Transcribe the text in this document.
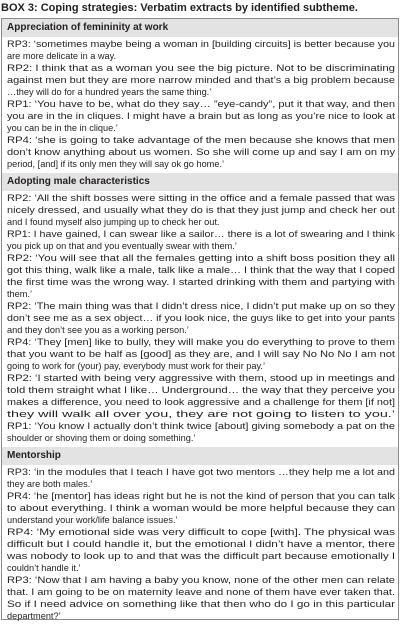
BOX 3: Coping strategies: Verbatim extracts by identified subtheme.
Appreciation of femininity at work
RP3: ‘sometimes maybe being a woman in [building circuits] is better because you
are more delicate in a way.
RP2: I think that as a woman you see the big picture. Not to be discriminating
against men but they are more narrow minded and that’s a big problem because
…they will do for a hundred years the same thing.’
RP1: ‘You have to be, what do they say… ”eye-candy”, put it that way, and then
you are in the in cliques. I might have a brain but as long as you’re nice to look at
you can be in the in clique.’
RP4: ‘she is going to take advantage of the men because she knows that men
don’t know anything about us women. So she will come up and say I am on my
period, [and] if its only men they will say ok go home.’
Adopting male characteristics
RP2: ‘All the shift bosses were sitting in the office and a female passed that was
nicely dressed, and usually what they do is that they just jump and check her out
and I found myself also jumping up to check her out.
RP1: I have gained, I can swear like a sailor… there is a lot of swearing and I think
you pick up on that and you eventually swear with them.’
RP2: ‘You will see that all the females getting into a shift boss position they all
got this thing, walk like a male, talk like a male… I think that the way that I coped
the first time was the wrong way. I started drinking with them and partying with
them.’
RP2: ‘The main thing was that I didn’t dress nice, I didn’t put make up on so they
don’t see me as a sex object… if you look nice, the guys like to get into your pants
and they don’t see you as a working person.’
RP4: ‘They [men] like to bully, they will make you do everything to prove to them
that you want to be half as [good] as they are, and I will say No No No I am not
going to work for (your) pay, everybody must work for their pay.’
RP2: ‘I started with being very aggressive with them, stood up in meetings and
told them straight what I like… Underground… the way that they perceive you
makes a difference, you need to look aggressive and a challenge for them [if not]
they will walk all over you, they are not going to listen to you.’
RP1: ‘You know I actually don’t think twice [about] giving somebody a pat on the
shoulder or shoving them or doing something.’
Mentorship
RP3: ‘in the modules that I teach I have got two mentors …they help me a lot and
they are both males.’
PR4: ‘he [mentor] has ideas right but he is not the kind of person that you can talk
to about everything. I think a woman would be more helpful because they can
understand your work/life balance issues.’
RP4: ‘My emotional side was very difficult to cope [with]. The physical was
difficult but I could handle it, but the emotional I didn’t have a mentor, there
was nobody to look up to and that was the difficult part because emotionally I
couldn’t handle it.’
RP3: ‘Now that I am having a baby you know, none of the other men can relate
that. I am going to be on maternity leave and none of them have ever taken that.
So if I need advice on something like that then who do I go in this particular
department?’
